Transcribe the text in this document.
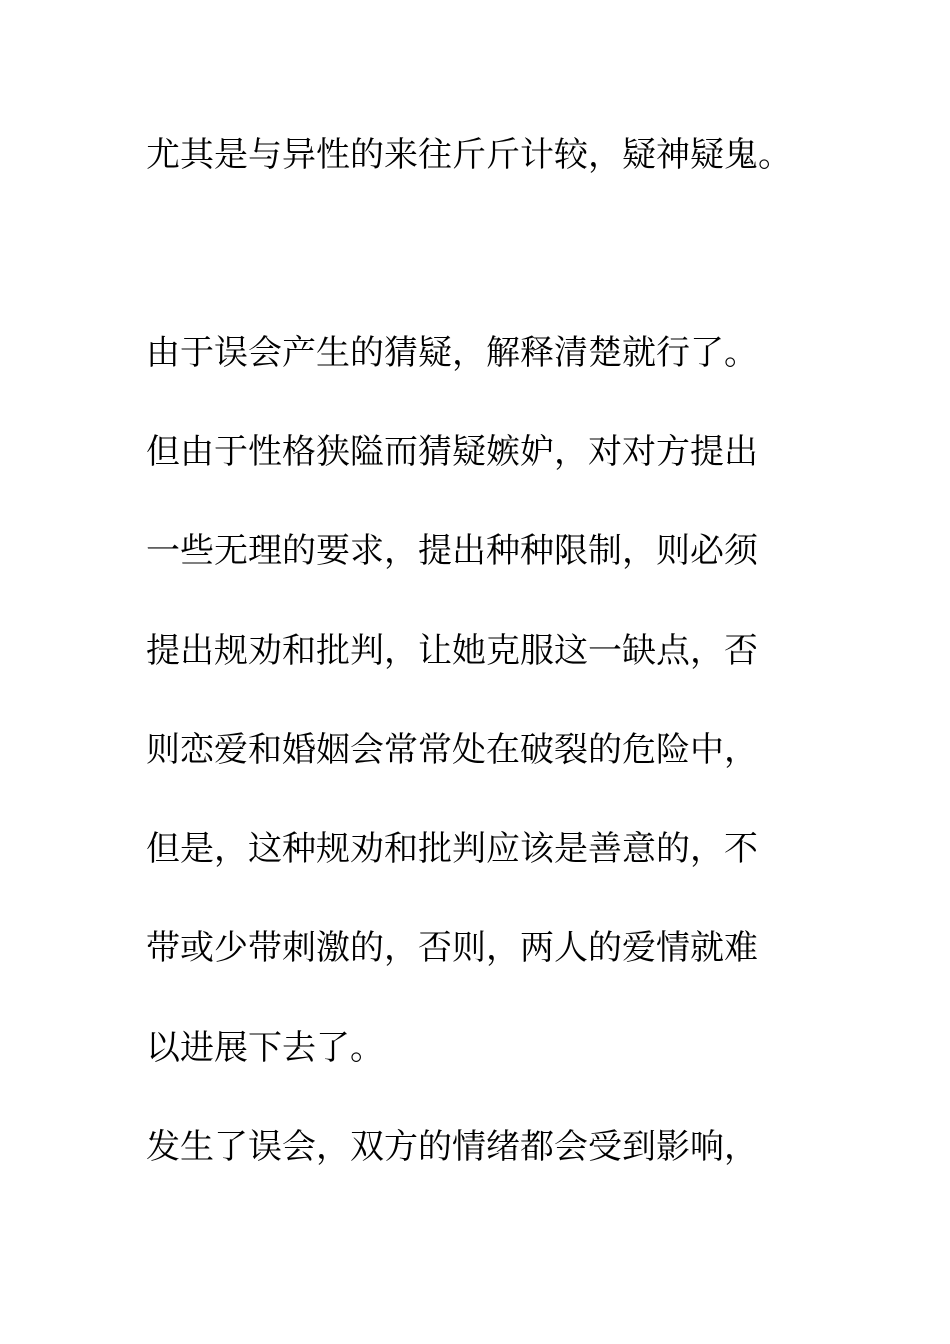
尤其是与异性的来往斤斤计较，疑神疑鬼。

由于误会产生的猜疑，解释清楚就行了。

但由于性格狭隘而猜疑嫉妒，对对方提出

一些无理的要求，提出种种限制，则必须

提出规劝和批判，让她克服这一缺点，否

则恋爱和婚姻会常常处在破裂的危险中，

但是，这种规劝和批判应该是善意的，不

带或少带刺激的，否则，两人的爱情就难

以进展下去了。

发生了误会，双方的情绪都会受到影响，
